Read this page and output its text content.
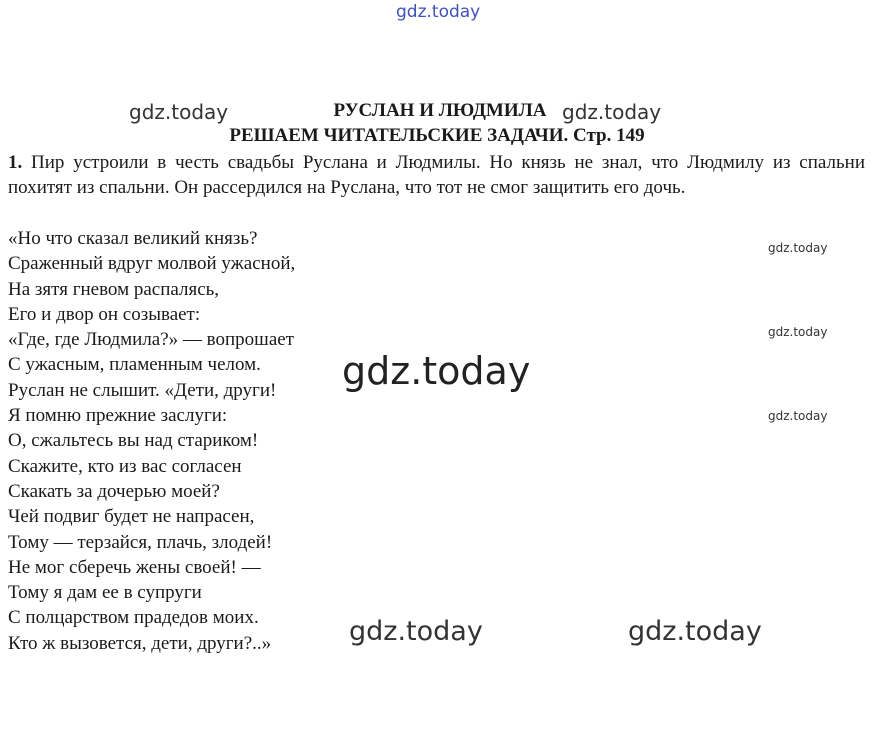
gdz.today
РУСЛАН И ЛЮДМИЛА
gdz.today	gdz.today
РЕШАЕМ ЧИТАТЕЛЬСКИЕ ЗАДАЧИ. Стр. 149

1. Пир устроили в честь свадьбы Руслана и Людмилы. Но князь не знал, что Людмилу из спальни похитят из спальни. Он рассердился на Руслана, что тот не смог защитить его дочь.

«Но что сказал великий князь?
Сраженный вдруг молвой ужасной,
На зятя гневом распалясь,
Его и двор он созывает:
«Где, где Людмила?» — вопрошает
С ужасным, пламенным челом.
Руслан не слышит. «Дети, други!
Я помню прежние заслуги:
О, сжальтесь вы над стариком!
Скажите, кто из вас согласен
Скакать за дочерью моей?
Чей подвиг будет не напрасен,
Тому — терзайся, плачь, злодей!
Не мог сберечь жены своей! —
Тому я дам ее в супруги
С полцарством прадедов моих.
Кто ж вызовется, дети, други?..»
gdz.today
gdz.today
gdz.today
gdz.today
gdz.today	gdz.today
